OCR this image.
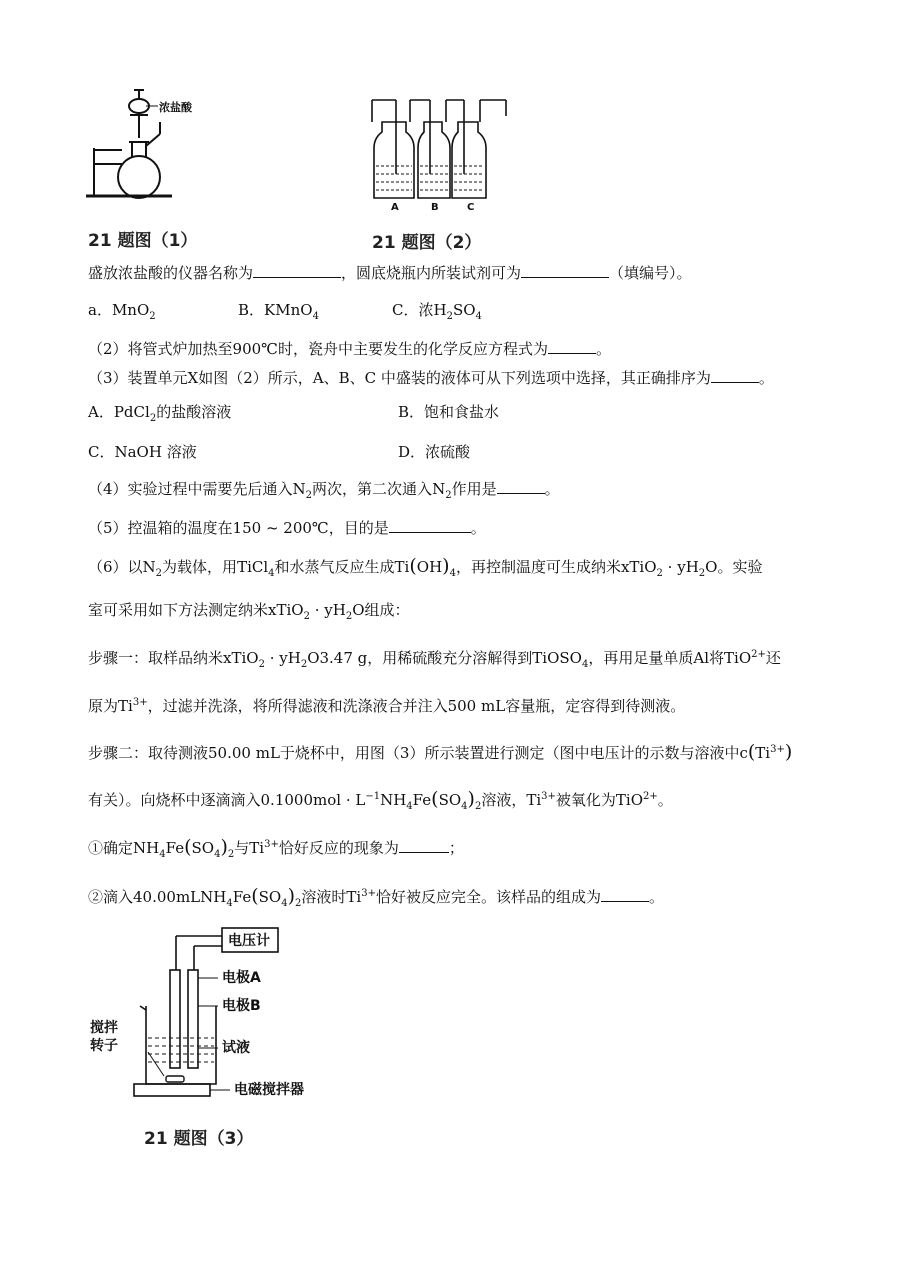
浓盐酸
21 题图（1）
A	B	C
21 题图（2）
盛放浓盐酸的仪器名称为	，圆底烧瓶内所装试剂可为	（填编号）。
a．MnO$_2$	B．KMnO$_4$	C．浓$H_2SO_4$
（2）将管式炉加热至900℃时，瓷舟中主要发生的化学反应方程式为	。
（3）装置单元X如图（2）所示，A、B、C 中盛装的液体可从下列选项中选择，其正确排序为	。
A．PdCl$_2$的盐酸溶液	B．饱和食盐水
C．NaOH 溶液	D．浓硫酸
（4）实验过程中需要先后通入$N_2$两次，第二次通入$N_2$作用是	。
（5）控温箱的温度在150 ~ 200℃，目的是	。
（6）以$N_2$为载体，用TiCl$_4$和水蒸气反应生成$Ti(OH)_4$，再控制温度可生成纳米xTiO$_2$ · $yH_2O$。实验
室可采用如下方法测定纳米xTiO$_2$ · $yH_2O$组成：
步骤一：取样品纳米xTiO$_2$ · $yH_2O3.47$ g，用稀硫酸充分溶解得到TiOSO$_4$，再用足量单质Al将TiO$^{2+}$还
原为$Ti^{3+}$，过滤并洗涤，将所得滤液和洗涤液合并注入500 mL容量瓶，定容得到待测液。
步骤二：取待测液50.00 mL于烧杯中，用图（3）所示装置进行测定（图中电压计的示数与溶液中$c(Ti^{3+})$
有关）。向烧杯中逐滴滴入$0.1000mol \cdot L^{-1}NH_4Fe(SO_4)_2$溶液，$Ti^{3+}$被氧化为TiO$^{2+}$。
①确定$NH_4Fe(SO_4)_2$与$Ti^{3+}$恰好反应的现象为	；
②滴入$40.00mLNH_4Fe(SO_4)_2$溶液时$Ti^{3+}$恰好被反应完全。该样品的组成为	。
电压计
电极A
电极B
试液
搅拌
转子
电磁搅拌器
21 题图（3）
